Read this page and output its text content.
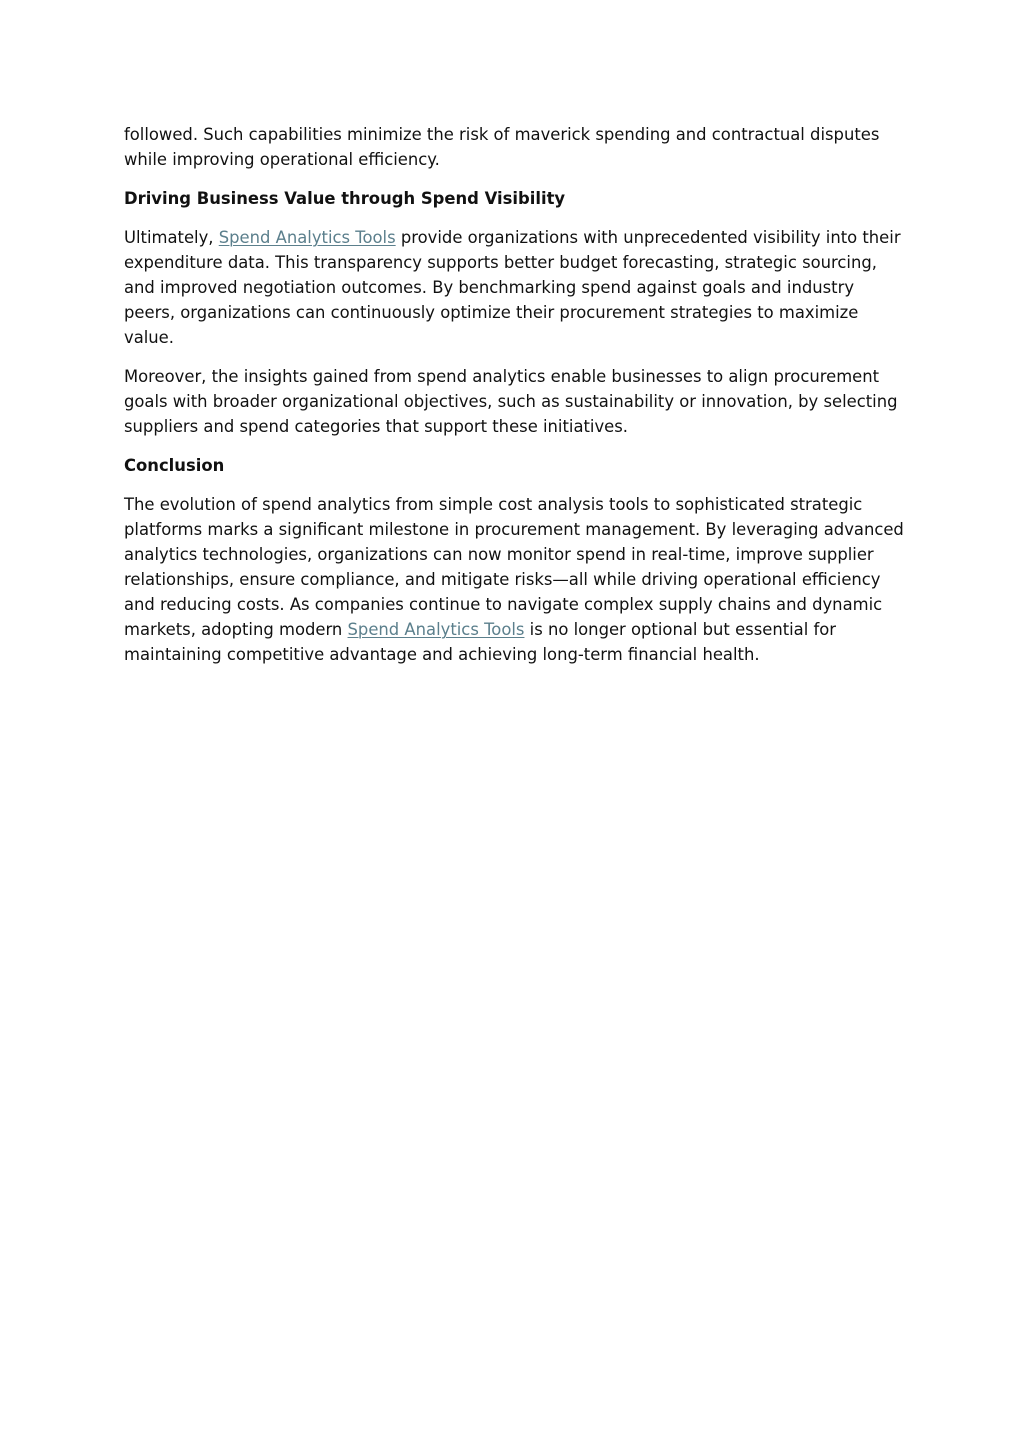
followed. Such capabilities minimize the risk of maverick spending and contractual disputes while improving operational efficiency.

Driving Business Value through Spend Visibility

Ultimately, Spend Analytics Tools provide organizations with unprecedented visibility into their expenditure data. This transparency supports better budget forecasting, strategic sourcing, and improved negotiation outcomes. By benchmarking spend against goals and industry peers, organizations can continuously optimize their procurement strategies to maximize value.

Moreover, the insights gained from spend analytics enable businesses to align procurement goals with broader organizational objectives, such as sustainability or innovation, by selecting suppliers and spend categories that support these initiatives.

Conclusion

The evolution of spend analytics from simple cost analysis tools to sophisticated strategic platforms marks a significant milestone in procurement management. By leveraging advanced analytics technologies, organizations can now monitor spend in real-time, improve supplier relationships, ensure compliance, and mitigate risks—all while driving operational efficiency and reducing costs. As companies continue to navigate complex supply chains and dynamic markets, adopting modern Spend Analytics Tools is no longer optional but essential for maintaining competitive advantage and achieving long-term financial health.
